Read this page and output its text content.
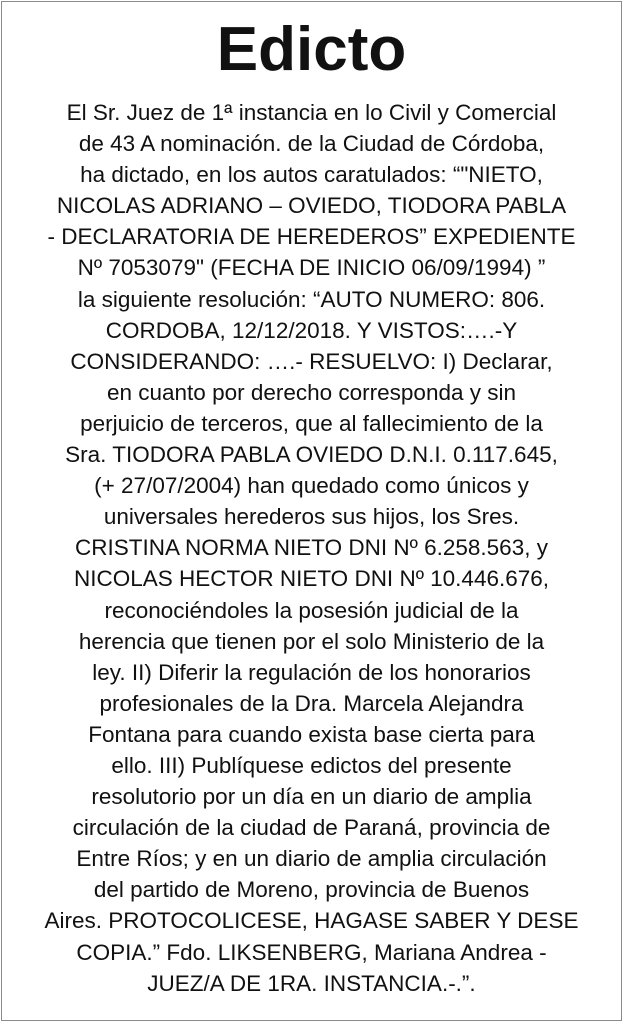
Edicto
El Sr. Juez de 1ª instancia en lo Civil y Comercial
de 43 A nominación. de la Ciudad de Córdoba,
ha dictado, en los autos caratulados: “"NIETO,
NICOLAS ADRIANO – OVIEDO, TIODORA PABLA
- DECLARATORIA DE HEREDEROS” EXPEDIENTE
Nº 7053079" (FECHA DE INICIO 06/09/1994) ”
la siguiente resolución: “AUTO NUMERO: 806.
CORDOBA, 12/12/2018. Y VISTOS:….-Y
CONSIDERANDO: ….- RESUELVO: I) Declarar,
en cuanto por derecho corresponda y sin
perjuicio de terceros, que al fallecimiento de la
Sra. TIODORA PABLA OVIEDO D.N.I. 0.117.645,
(+ 27/07/2004) han quedado como únicos y
universales herederos sus hijos, los Sres.
CRISTINA NORMA NIETO DNI Nº 6.258.563, y
NICOLAS HECTOR NIETO DNI Nº 10.446.676,
reconociéndoles la posesión judicial de la
herencia que tienen por el solo Ministerio de la
ley. II) Diferir la regulación de los honorarios
profesionales de la Dra. Marcela Alejandra
Fontana para cuando exista base cierta para
ello. III) Publíquese edictos del presente
resolutorio por un día en un diario de amplia
circulación de la ciudad de Paraná, provincia de
Entre Ríos; y en un diario de amplia circulación
del partido de Moreno, provincia de Buenos
Aires. PROTOCOLICESE, HAGASE SABER Y DESE
COPIA.” Fdo. LIKSENBERG, Mariana Andrea -
JUEZ/A DE 1RA. INSTANCIA.-.”.
